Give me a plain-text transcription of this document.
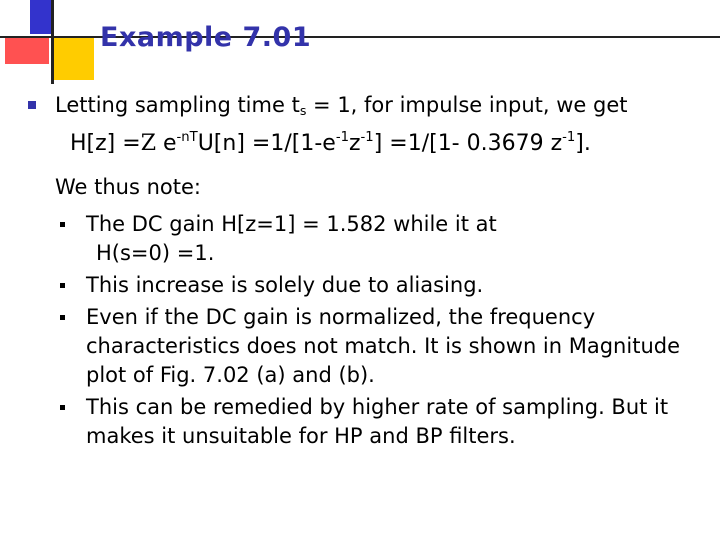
Example 7.01
Letting sampling time $t_s = 1$, for impulse input, we get
H[z] =Z $e^{-nT}U[n] =1/[1-e^{-1}z^{-1}] =1/[1-$ 0.3679 $z^{-1}$].
We thus note:
The DC gain H[z=1] = 1.582 while it at
H(s=0) =1.
This increase is solely due to aliasing.
Even if the DC gain is normalized, the frequency characteristics does not match. It is shown in Magnitude plot of Fig. 7.02 (a) and (b).
This can be remedied by higher rate of sampling. But it makes it unsuitable for HP and BP filters.
